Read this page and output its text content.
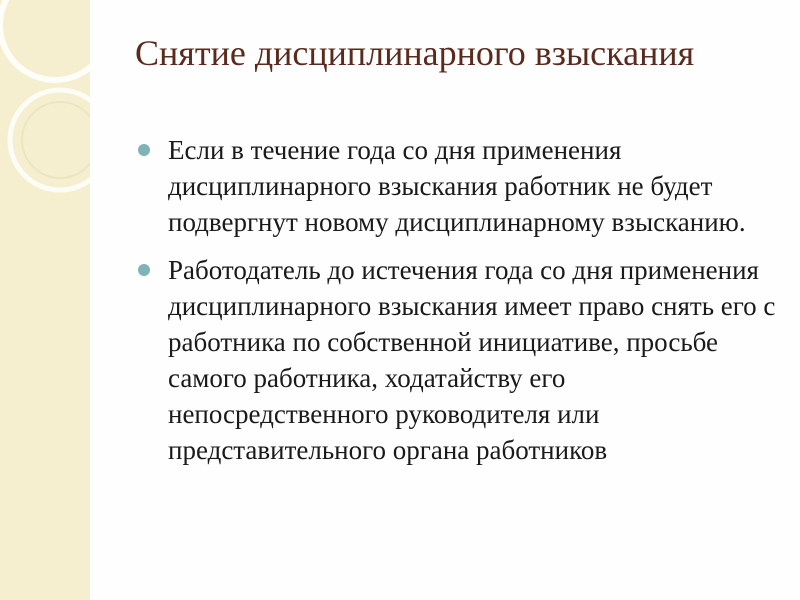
Снятие дисциплинарного взыскания
Если в течение года со дня применения дисциплинарного взыскания работник не будет подвергнут новому дисциплинарному взысканию.
Работодатель до истечения года со дня применения дисциплинарного взыскания имеет право снять его с работника по собственной инициативе, просьбе самого работника, ходатайству его непосредственного руководителя или представительного органа работников
